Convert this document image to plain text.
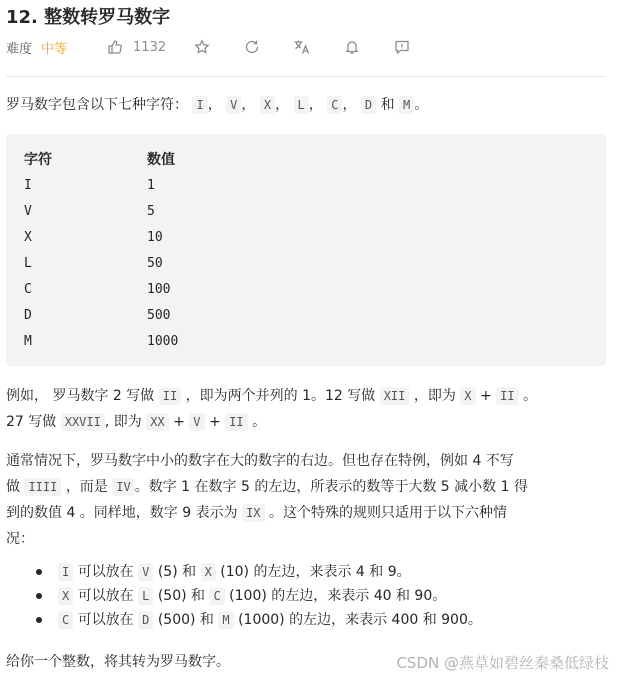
12. 整数转罗马数字
难度 中等	1132
罗马数字包含以下七种字符： I ， V ， X ， L ， C ， D 和 M 。
字符	数值
I	1
V	5
X	10
L	50
C	100
D	500
M	1000
例如， 罗马数字 2 写做 II ，即为两个并列的 1。12 写做 XII ，即为 X + II 。
27 写做 XXVII , 即为 XX + V + II 。
通常情况下，罗马数字中小的数字在大的数字的右边。但也存在特例，例如 4 不写
做 IIII ，而是 IV 。数字 1 在数字 5 的左边，所表示的数等于大数 5 减小数 1 得
到的数值 4 。同样地，数字 9 表示为 IX 。这个特殊的规则只适用于以下六种情
况：
I 可以放在 V (5) 和 X (10) 的左边，来表示 4 和 9。
X 可以放在 L (50) 和 C (100) 的左边，来表示 40 和 90。
C 可以放在 D (500) 和 M (1000) 的左边，来表示 400 和 900。
给你一个整数，将其转为罗马数字。	CSDN @燕草如碧丝秦桑低绿枝
